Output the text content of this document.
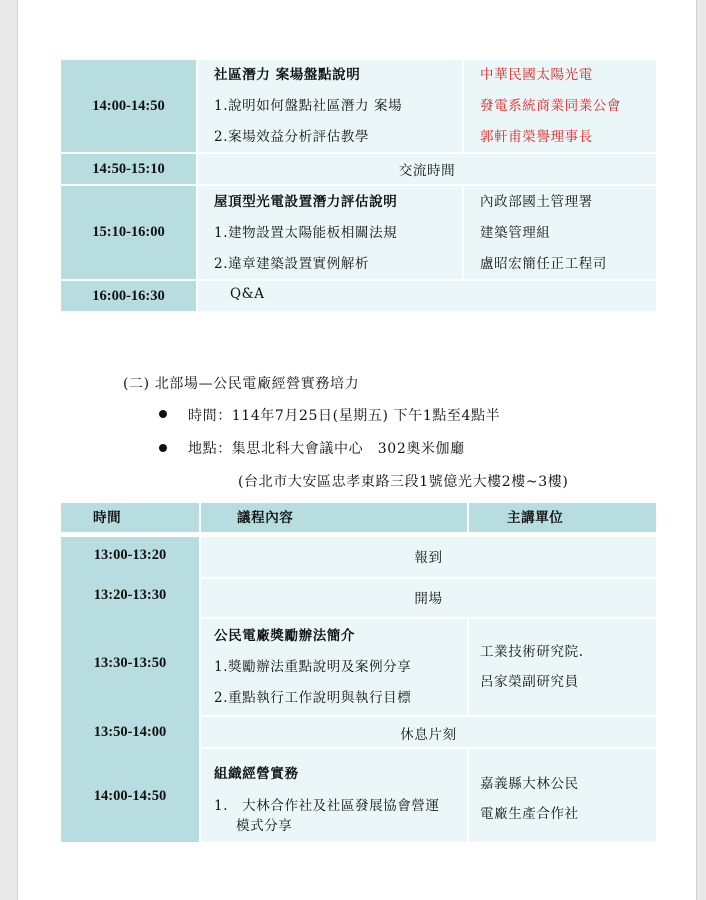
14:00-14:50
14:50-15:10
15:10-16:00
16:00-16:30
社區潛力 案場盤點說明
1.說明如何盤點社區潛力 案場
2.案場效益分析評估教學
中華民國太陽光電
發電系統商業同業公會
郭軒甫榮譽理事長
交流時間
屋頂型光電設置潛力評估說明
1.建物設置太陽能板相關法規
2.違章建築設置實例解析
內政部國土管理署
建築管理組
盧昭宏簡任正工程司
Q&A
(二) 北部場—公民電廠經營實務培力
時間：114年7月25日(星期五) 下午1點至4點半
地點：集思北科大會議中心　302奧米伽廳
(台北市大安區忠孝東路三段1號億光大樓2樓~3樓)
時間	議程內容	主講單位
13:00-13:20
13:20-13:30
13:30-13:50
13:50-14:00
14:00-14:50
報到
開場
公民電廠獎勵辦法簡介
1.獎勵辦法重點說明及案例分享
2.重點執行工作說明與執行目標
工業技術研究院.
呂家榮副研究員
休息片刻
組織經營實務
1.　大林合作社及社區發展協會營運
模式分享
嘉義縣大林公民
電廠生產合作社
